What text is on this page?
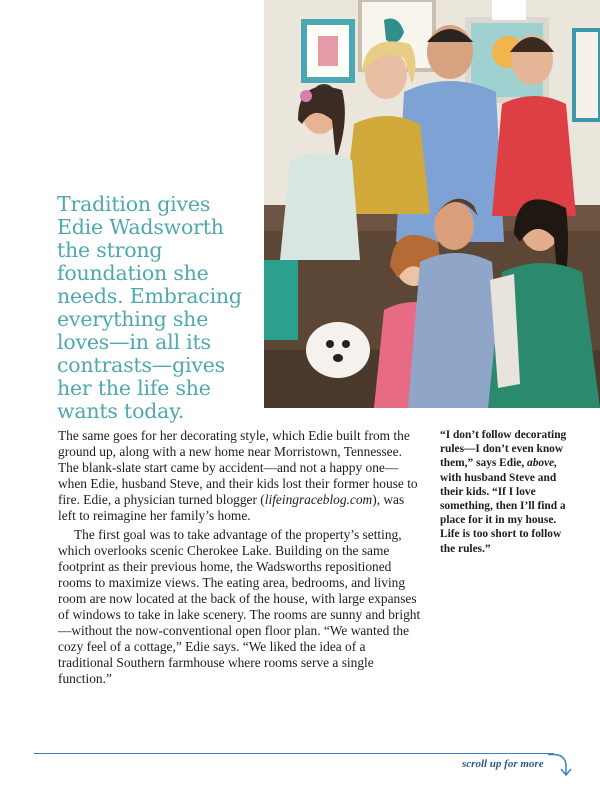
Tradition gives Edie Wadsworth the strong foundation she needs. Embracing everything she loves—in all its contrasts—gives her the life she wants today.

The same goes for her decorating style, which Edie built from the ground up, along with a new home near Morristown, Tennessee. The blank-slate start came by accident—and not a happy one—when Edie, husband Steve, and their kids lost their former house to fire. Edie, a physician turned blogger (lifeingraceblog.com), was left to reimagine her family’s home.

The first goal was to take advantage of the property’s setting, which overlooks scenic Cherokee Lake. Building on the same footprint as their previous home, the Wadsworths repositioned rooms to maximize views. The eating area, bedrooms, and living room are now located at the back of the house, with large expanses of windows to take in lake scenery. The rooms are sunny and bright—without the now-conventional open floor plan. “We wanted the cozy feel of a cottage,” Edie says. “We liked the idea of a traditional Southern farmhouse where rooms serve a single function.”

“I don’t follow decorating rules—I don’t even know them,” says Edie, above, with husband Steve and their kids. “If I love something, then I’ll find a place for it in my house. Life is too short to follow the rules.”
scroll up for more
